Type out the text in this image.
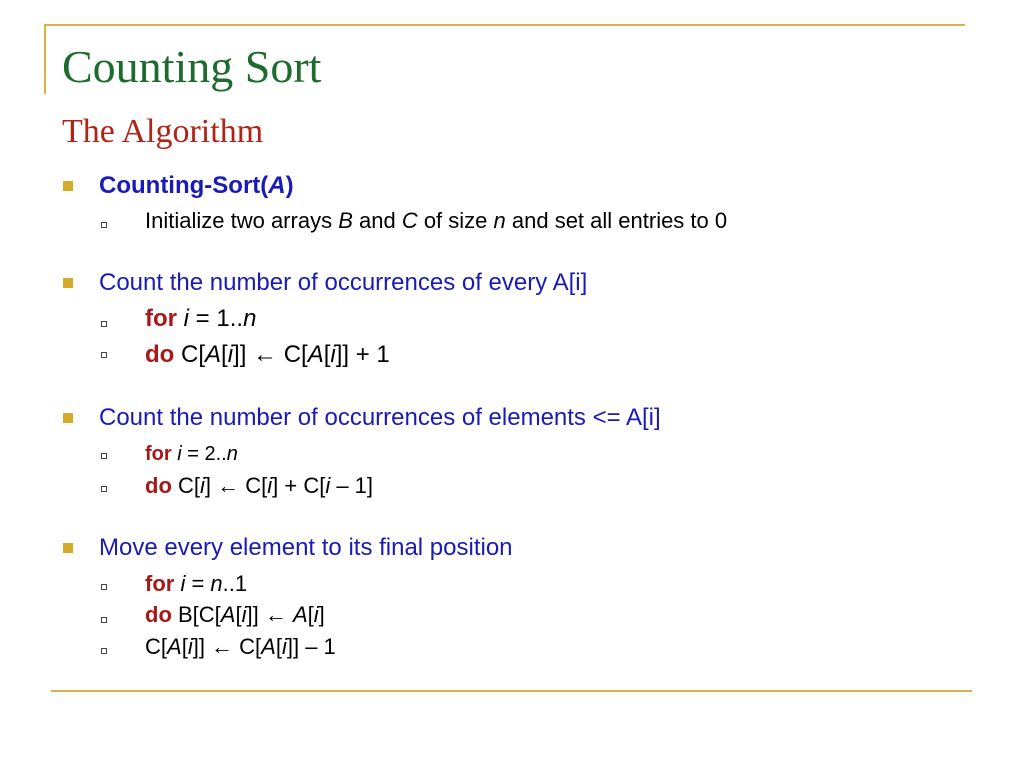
Counting Sort
The Algorithm
Counting-Sort(A)
Initialize two arrays B and C of size n and set all entries to 0
Count the number of occurrences of every A[i]
for i = 1..n
do C[A[i]] ← C[A[i]] + 1
Count the number of occurrences of elements <= A[i]
for i = 2..n
do C[i] ← C[i] + C[i – 1]
Move every element to its final position
for i = n..1
do B[C[A[i]] ← A[i]
C[A[i]] ← C[A[i]] – 1
